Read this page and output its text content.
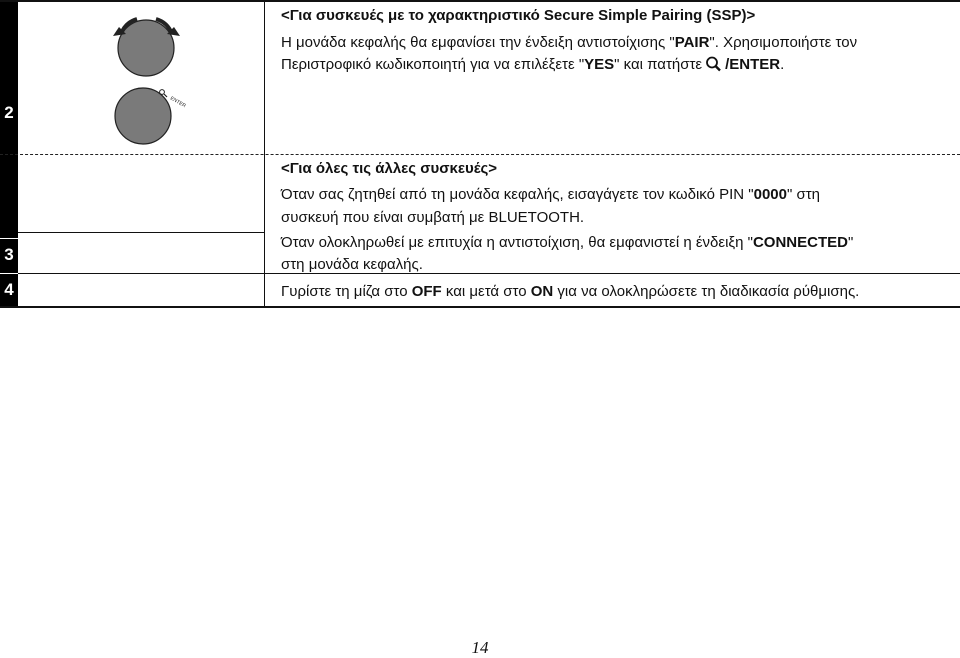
2
3
4
ENTER
<Για συσκευές με το χαρακτηριστικό Secure Simple Pairing (SSP)>
Η μονάδα κεφαλής θα εμφανίσει την ένδειξη αντιστοίχισης "PAIR". Χρησιμοποιήστε τον
Περιστροφικό κωδικοποιητή για να επιλέξετε "YES" και πατήστε /ENTER.
<Για όλες τις άλλες συσκευές>
Όταν σας ζητηθεί από τη μονάδα κεφαλής, εισαγάγετε τον κωδικό PIN "0000" στη
συσκευή που είναι συμβατή με BLUETOOTH.
Όταν ολοκληρωθεί με επιτυχία η αντιστοίχιση, θα εμφανιστεί η ένδειξη "CONNECTED"
στη μονάδα κεφαλής.
Γυρίστε τη μίζα στο OFF και μετά στο ON για να ολοκληρώσετε τη διαδικασία ρύθμισης.
14
